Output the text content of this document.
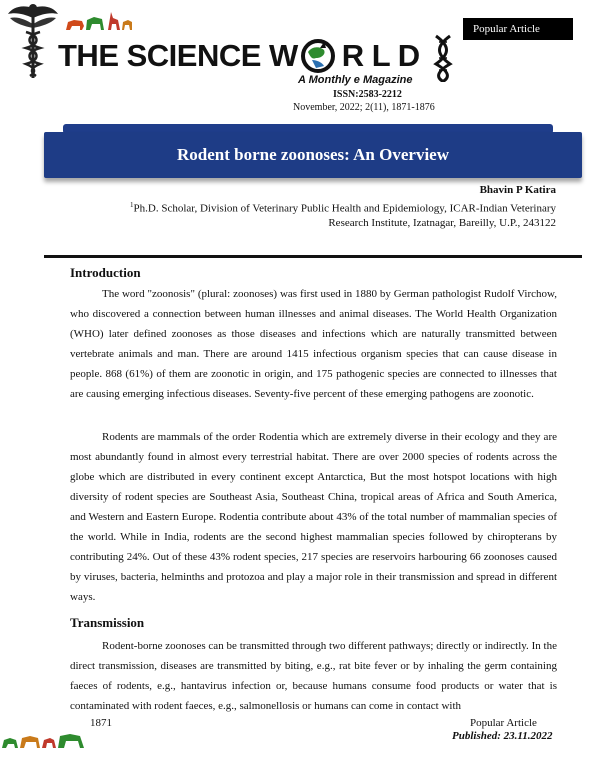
THE SCIENCE W R L D
A Monthly e Magazine
Popular Article
ISSN:2583-2212
November, 2022; 2(11), 1871-1876
Rodent borne zoonoses: An Overview
Bhavin P Katira
$^1$Ph.D. Scholar, Division of Veterinary Public Health and Epidemiology, ICAR-Indian Veterinary
Research Institute, Izatnagar, Bareilly, U.P., 243122
Introduction
The word "zoonosis" (plural: zoonoses) was first used in 1880 by German pathologist Rudolf Virchow, who discovered a connection between human illnesses and animal diseases. The World Health Organization (WHO) later defined zoonoses as those diseases and infections which are naturally transmitted between vertebrate animals and man. There are around 1415 infectious organism species that can cause disease in people. 868 (61%) of them are zoonotic in origin, and 175 pathogenic species are connected to illnesses that are causing emerging infectious diseases. Seventy-five percent of these emerging pathogens are zoonotic.
Rodents are mammals of the order Rodentia which are extremely diverse in their ecology and they are most abundantly found in almost every terrestrial habitat. There are over 2000 species of rodents across the globe which are distributed in every continent except Antarctica, But the most hotspot locations with high diversity of rodent species are Southeast Asia, Southeast China, tropical areas of Africa and South America, and Western and Eastern Europe. Rodentia contribute about 43% of the total number of mammalian species of the world. While in India, rodents are the second highest mammalian species followed by chiropterans by contributing 24%. Out of these 43% rodent species, 217 species are reservoirs harbouring 66 zoonoses caused by viruses, bacteria, helminths and protozoa and play a major role in their transmission and spread in different ways.
Transmission
Rodent-borne zoonoses can be transmitted through two different pathways; directly or indirectly. In the direct transmission, diseases are transmitted by biting, e.g., rat bite fever or by inhaling the germ containing faeces of rodents, e.g., hantavirus infection or, because humans consume food products or water that is contaminated with rodent faeces, e.g., salmonellosis or humans can come in contact with
1871	Popular Article
Published: 23.11.2022
